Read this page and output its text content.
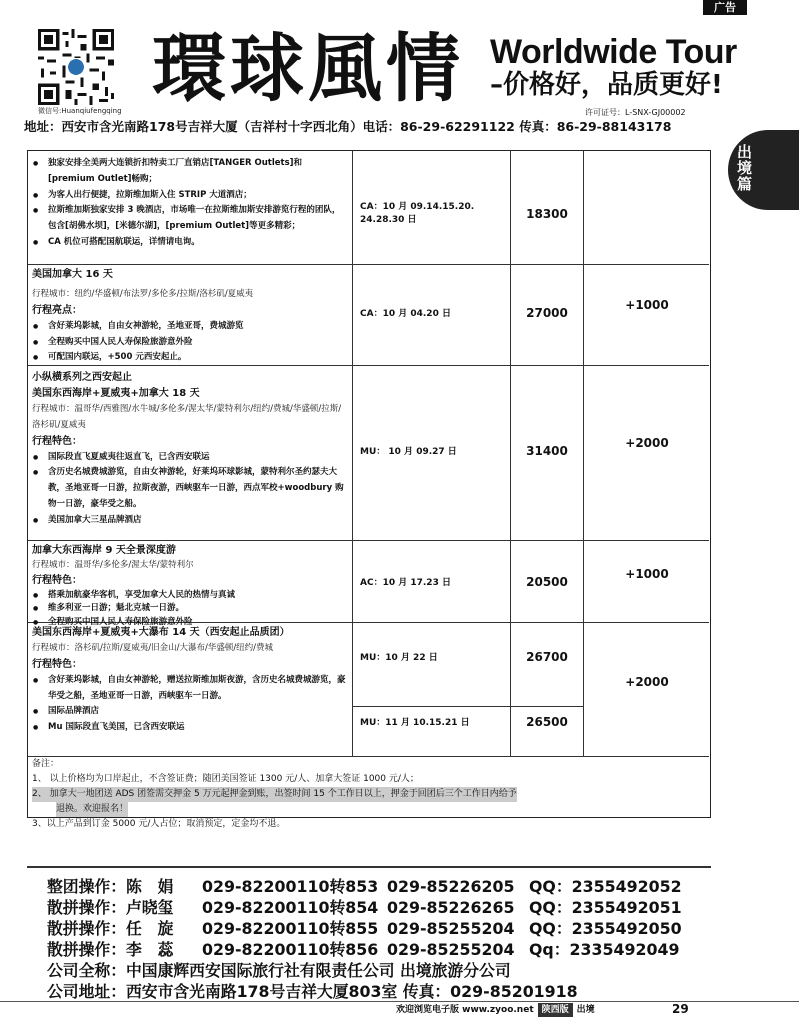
广告
微信号:Huanqiufengqing 環球風情 Worldwide Tour
–价格好，品质更好!
许可证号：L-SNX-GJ00002
地址：西安市含光南路178号吉祥大厦（吉祥村十字西北角）电话：86-29-62291122 传真：86-29-88143178
出境篇
● 独家安排全美两大连锁折扣特卖工厂直销店[TANGER Outlets]和[premium Outlet]畅购；
● 为客人出行便捷，拉斯维加斯入住 STRIP 大道酒店；
● 拉斯维加斯独家安排 3 晚酒店，市场唯一在拉斯维加斯安排游览行程的团队，包含[胡佛水坝]，[米德尔湖]，[premium Outlet]等更多精彩；
● CA 机位可搭配国航联运，详情请电询。
CA：10 月 09.14.15.20. 24.28.30 日	18300
美国加拿大 16 天
行程城市：纽约/华盛顿/布法罗/多伦多/拉斯/洛杉矶/夏威夷
行程亮点：
● 含好莱坞影城，自由女神游轮，圣地亚哥，费城游览
● 全程购买中国人民人寿保险旅游意外险
● 可配国内联运，+500 元西安起止。
CA：10 月 04.20 日	27000
+1000
小纵横系列之西安起止
美国东西海岸+夏威夷+加拿大 18 天
行程城市：温哥华/西雅图/水牛城/多伦多/渥太华/蒙特利尔/纽约/费城/华盛顿/拉斯/洛杉矶/夏威夷
行程特色：
● 国际段直飞夏威夷往返直飞，已含西安联运
● 含历史名城费城游览，自由女神游轮，好莱坞环球影城，蒙特利尔圣约瑟夫大教，圣地亚哥一日游，拉斯夜游，西峡驱车一日游，西点军校+woodbury 购物一日游，豪华受之船。
● 美国加拿大三星品牌酒店
MU： 10 月 09.27 日	31400
+2000
加拿大东西海岸 9 天全景深度游
行程城市：温哥华/多伦多/渥太华/蒙特利尔
行程特色：
● 搭乘加航豪华客机，享受加拿大人民的热情与真诚
● 维多利亚一日游；魁北克城一日游。
● 全程购买中国人民人寿保险旅游意外险
AC：10 月 17.23 日	20500
+1000
美国东西海岸+夏威夷+大瀑布 14 天（西安起止品质团）
行程城市：洛杉矶/拉斯/夏威夷/旧金山/大瀑布/华盛顿/纽约/费城
行程特色：
● 含好莱坞影城，自由女神游轮，赠送拉斯维加斯夜游，含历史名城费城游览，豪华受之船，圣地亚哥一日游，西峡驱车一日游。
● 国际品牌酒店
● Mu 国际段直飞美国，已含西安联运
MU：10 月 22 日	26700
MU：11 月 10.15.21 日	26500
+2000
备注：
1、 以上价格均为口岸起止，不含签证费；随团美国签证 1300 元/人、加拿大签证 1000 元/人；
2、 加拿大一地团送 ADS 团签需交押金 5 万元起押金到账，出签时间 15 个工作日以上，押金于回团后三个工作日内给予
退换。欢迎报名！
3、以上产品到订金 5000 元/人占位；取消预定，定金均不退。
整团操作：陈　娟 029-82200110转853 029-85226205 QQ：2355492052
散拼操作：卢晓玺 029-82200110转854 029-85226265 QQ：2355492051
散拼操作：任　旋 029-82200110转855 029-85255204 QQ：2355492050
散拼操作：李　蕊 029-82200110转856 029-85255204 Qq：2335492049
公司全称：中国康辉西安国际旅行社有限责任公司 出境旅游分公司
公司地址：西安市含光南路178号吉祥大厦803室 传真：029-85201918
欢迎浏览电子版 www.zyoo.net 陕西版 出境	29
